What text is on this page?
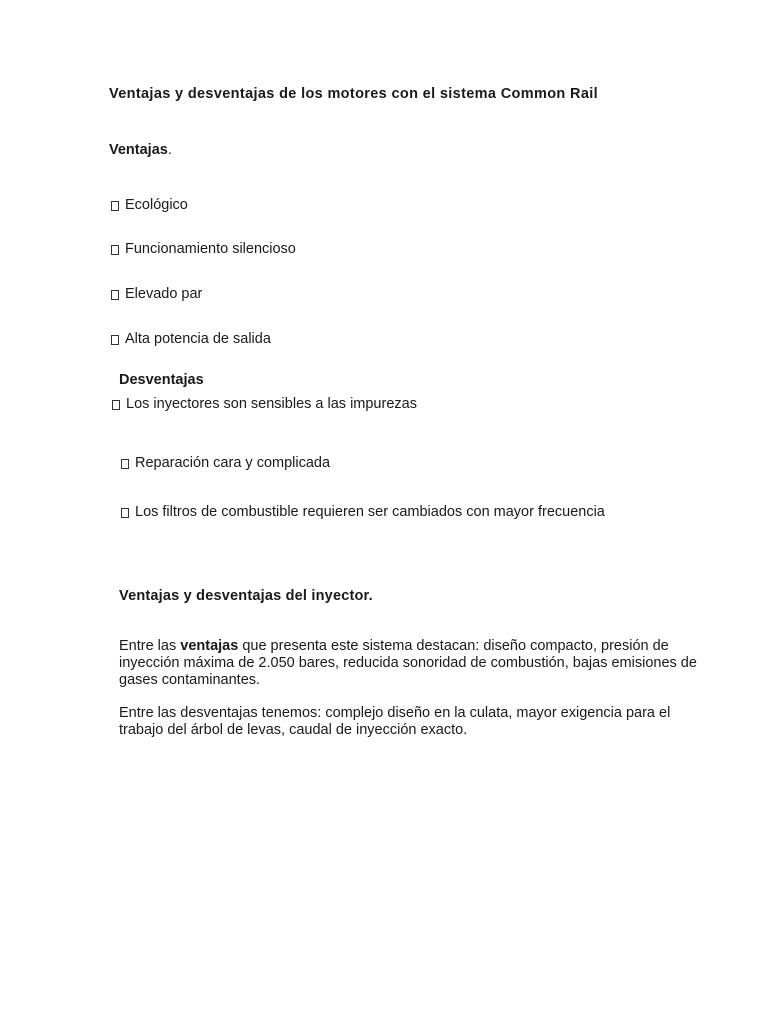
Ventajas y desventajas de los motores con el sistema Common Rail
Ventajas.
Ecológico
Funcionamiento silencioso
Elevado par
Alta potencia de salida
Desventajas
Los inyectores son sensibles a las impurezas
Reparación cara y complicada
Los filtros de combustible requieren ser cambiados con mayor frecuencia
Ventajas y desventajas del inyector.
Entre las ventajas que presenta este sistema destacan: diseño compacto, presión de inyección máxima de 2.050 bares, reducida sonoridad de combustión, bajas emisiones de gases contaminantes.
Entre las desventajas tenemos: complejo diseño en la culata, mayor exigencia para el trabajo del árbol de levas, caudal de inyección exacto.
